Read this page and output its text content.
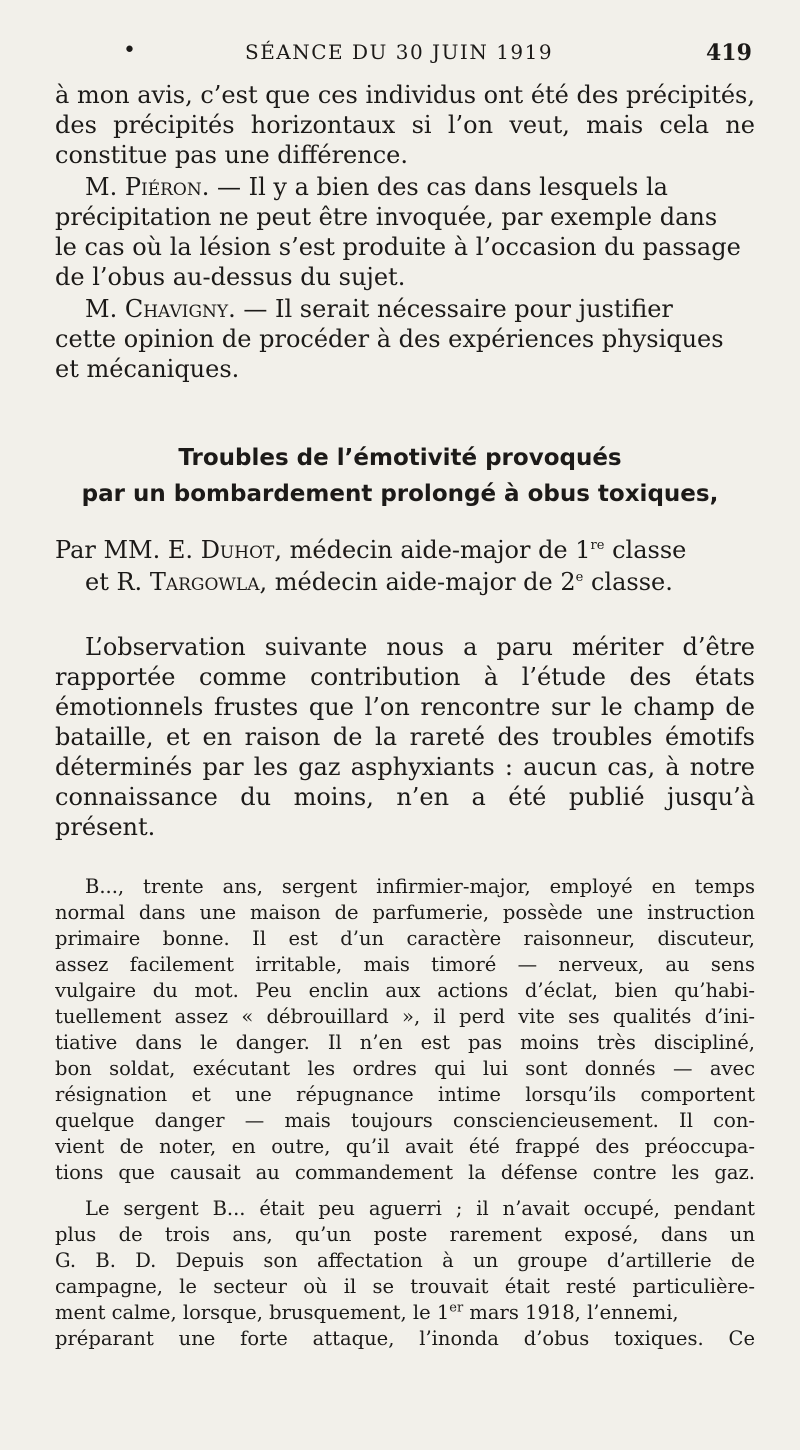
•	SÉANCE DU 30 JUIN 1919	419
à mon avis, c’est que ces individus ont été des précipités,
des précipités horizontaux si l’on veut, mais cela ne
constitue pas une différence.
M. Piéron. — Il y a bien des cas dans lesquels la
précipitation ne peut être invoquée, par exemple dans
le cas où la lésion s’est produite à l’occasion du passage
de l’obus au-dessus du sujet.
M. Chavigny. — Il serait nécessaire pour justifier
cette opinion de procéder à des expériences physiques
et mécaniques.
Troubles de l’émotivité provoqués
par un bombardement prolongé à obus toxiques,
Par MM. E. Duhot, médecin aide-major de 1re classe
et R. Targowla, médecin aide-major de 2e classe.
L’observation suivante nous a paru mériter d’être
rapportée comme contribution à l’étude des états
émotionnels frustes que l’on rencontre sur le champ de
bataille, et en raison de la rareté des troubles émotifs
déterminés par les gaz asphyxiants : aucun cas, à notre
connaissance du moins, n’en a été publié jusqu’à
présent.
B..., trente ans, sergent infirmier-major, employé en temps
normal dans une maison de parfumerie, possède une instruction
primaire bonne. Il est d’un caractère raisonneur, discuteur,
assez facilement irritable, mais timoré — nerveux, au sens
vulgaire du mot. Peu enclin aux actions d’éclat, bien qu’habi-
tuellement assez « débrouillard », il perd vite ses qualités d’ini-
tiative dans le danger. Il n’en est pas moins très discipliné,
bon soldat, exécutant les ordres qui lui sont donnés — avec
résignation et une répugnance intime lorsqu’ils comportent
quelque danger — mais toujours consciencieusement. Il con-
vient de noter, en outre, qu’il avait été frappé des préoccupa-
tions que causait au commandement la défense contre les gaz.
Le sergent B... était peu aguerri ; il n’avait occupé, pendant
plus de trois ans, qu’un poste rarement exposé, dans un
G. B. D. Depuis son affectation à un groupe d’artillerie de
campagne, le secteur où il se trouvait était resté particulière-
ment calme, lorsque, brusquement, le 1er mars 1918, l’ennemi,
préparant une forte attaque, l’inonda d’obus toxiques. Ce
